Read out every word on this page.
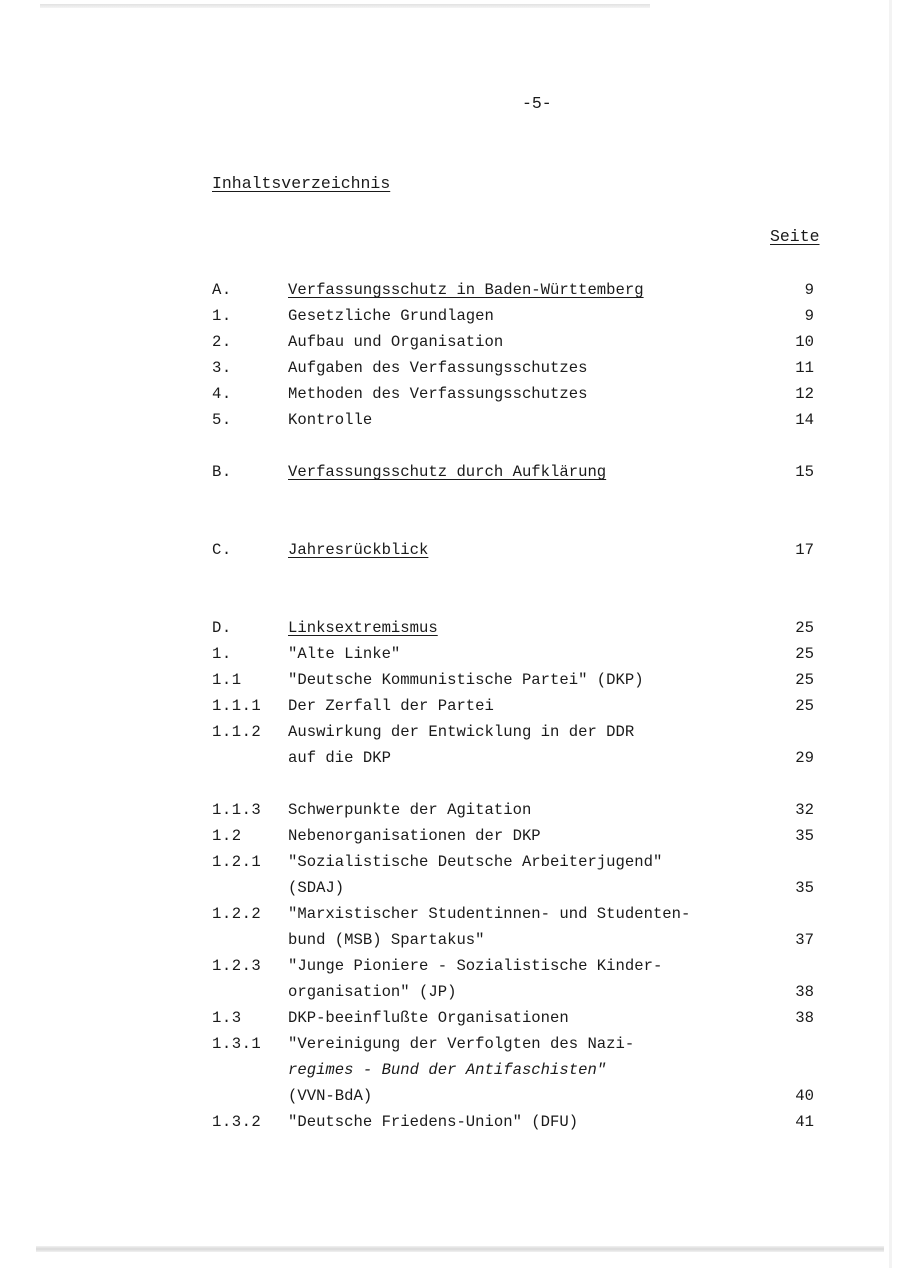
-5-
Inhaltsverzeichnis
Seite
A.	Verfassungsschutz in Baden-Württemberg	9
1.	Gesetzliche Grundlagen	9
2.	Aufbau und Organisation	10
3.	Aufgaben des Verfassungsschutzes	11
4.	Methoden des Verfassungsschutzes	12
5.	Kontrolle	14
B.	Verfassungsschutz durch Aufklärung	15
C.	Jahresrückblick	17
D.	Linksextremismus	25
1.	"Alte Linke"	25
1.1	"Deutsche Kommunistische Partei" (DKP)	25
1.1.1 Der Zerfall der Partei	25
1.1.2 Auswirkung der Entwicklung in der DDR
auf die DKP	29
1.1.3 Schwerpunkte der Agitation	32
1.2	Nebenorganisationen der DKP	35
1.2.1 "Sozialistische Deutsche Arbeiterjugend"
(SDAJ)	35
1.2.2 "Marxistischer Studentinnen- und Studenten-
bund (MSB) Spartakus"	37
1.2.3 "Junge Pioniere - Sozialistische Kinder-
organisation" (JP)	38
1.3	DKP-beeinflußte Organisationen	38
1.3.1 "Vereinigung der Verfolgten des Nazi-
regimes - Bund der Antifaschisten"
(VVN-BdA)	40
1.3.2 "Deutsche Friedens-Union" (DFU)	41
